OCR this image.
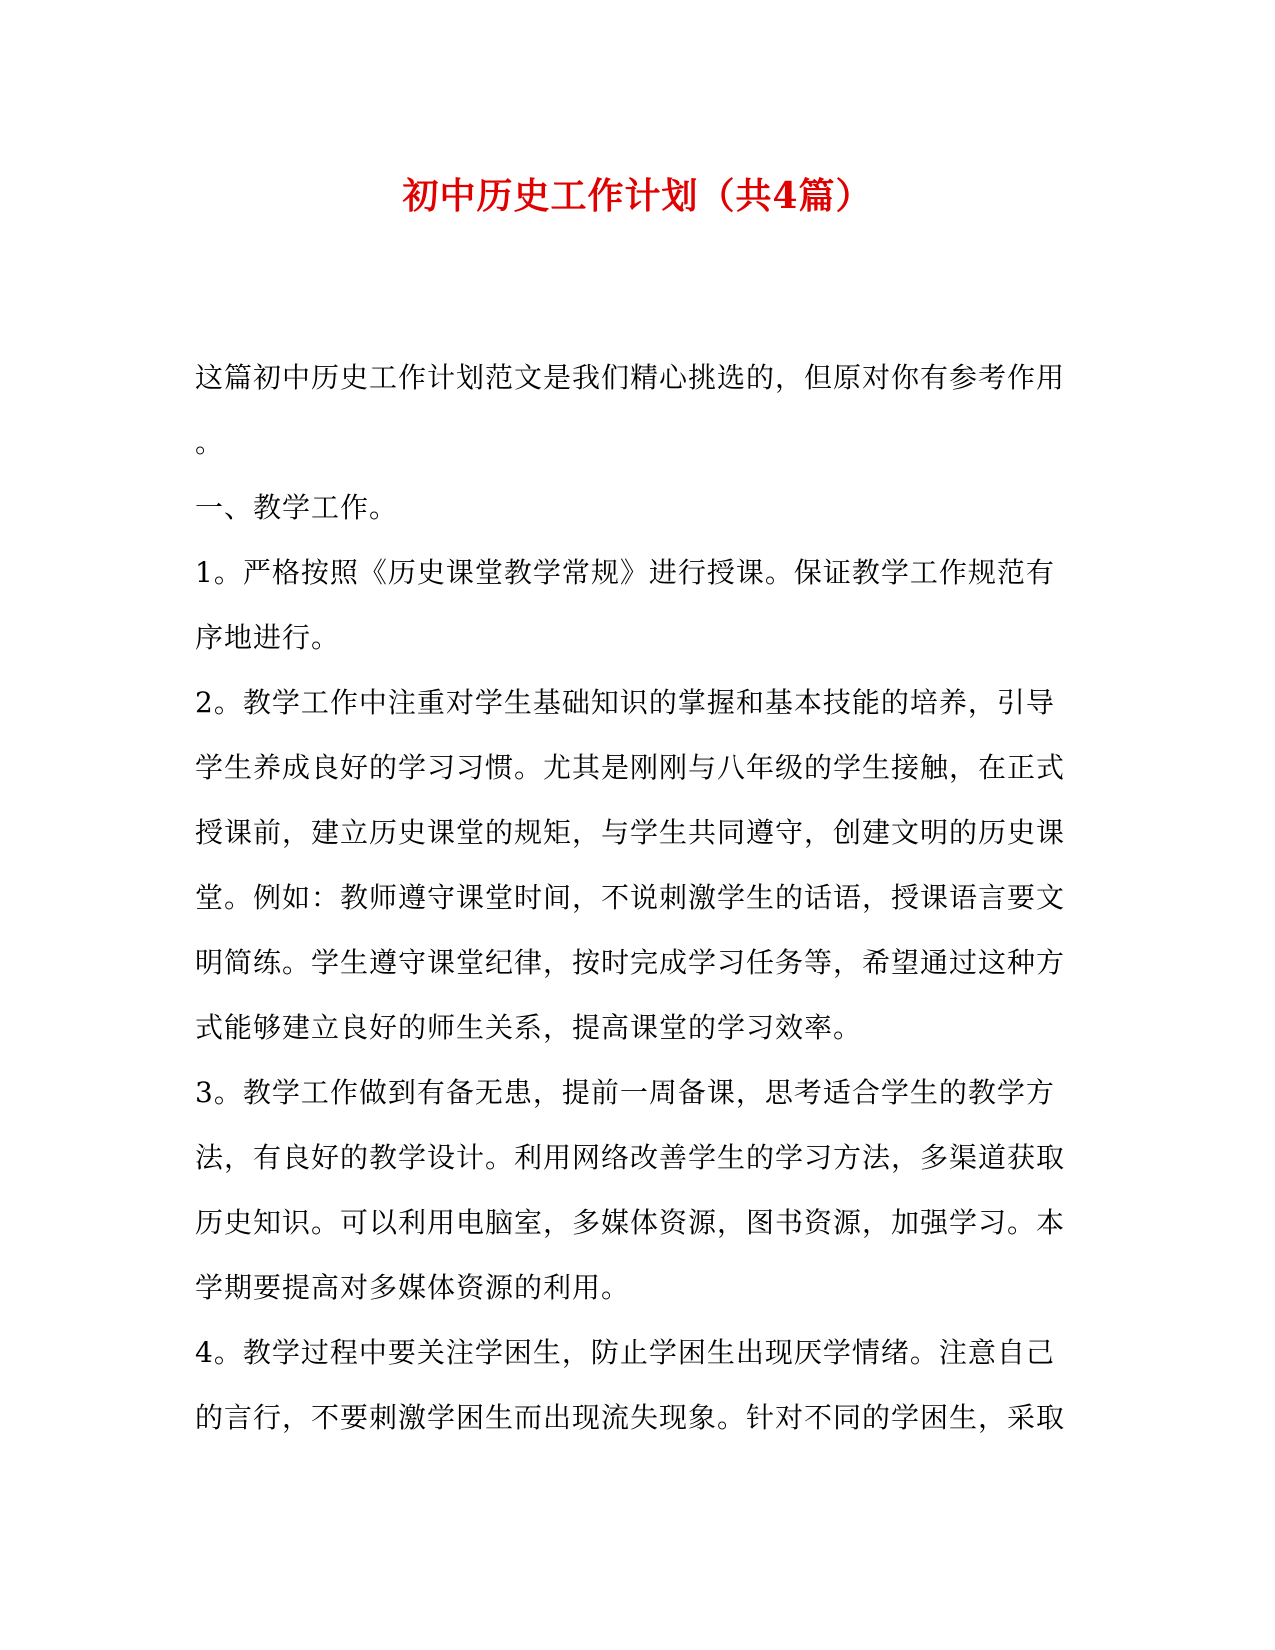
初中历史工作计划（共4篇）
这篇初中历史工作计划范文是我们精心挑选的，但原对你有参考作用
。
一、教学工作。
1。严格按照《历史课堂教学常规》进行授课。保证教学工作规范有
序地进行。
2。教学工作中注重对学生基础知识的掌握和基本技能的培养，引导
学生养成良好的学习习惯。尤其是刚刚与八年级的学生接触，在正式
授课前，建立历史课堂的规矩，与学生共同遵守，创建文明的历史课
堂。例如：教师遵守课堂时间，不说刺激学生的话语，授课语言要文
明简练。学生遵守课堂纪律，按时完成学习任务等，希望通过这种方
式能够建立良好的师生关系，提高课堂的学习效率。
3。教学工作做到有备无患，提前一周备课，思考适合学生的教学方
法，有良好的教学设计。利用网络改善学生的学习方法，多渠道获取
历史知识。可以利用电脑室，多媒体资源，图书资源，加强学习。本
学期要提高对多媒体资源的利用。
4。教学过程中要关注学困生，防止学困生出现厌学情绪。注意自己
的言行，不要刺激学困生而出现流失现象。针对不同的学困生，采取
